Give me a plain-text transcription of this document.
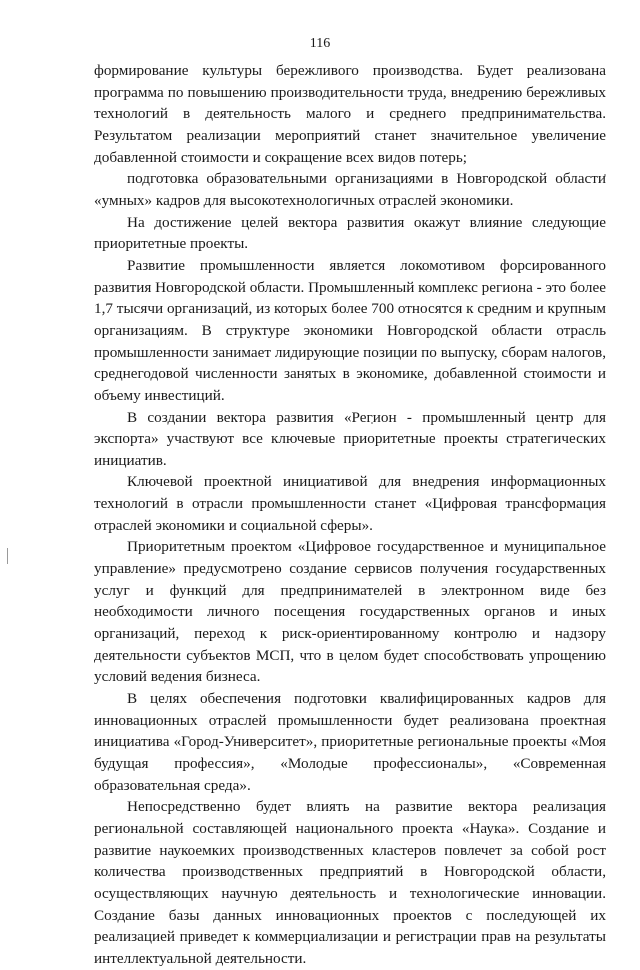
116

формирование культуры бережливого производства. Будет реализована программа по повышению производительности труда, внедрению бережливых технологий в деятельность малого и среднего предпринимательства. Результатом реализации мероприятий станет значительное увеличение добавленной стоимости и сокращение всех видов потерь;

подготовка образовательными организациями в Новгородской области «умных» кадров для высокотехнологичных отраслей экономики.

На достижение целей вектора развития окажут влияние следующие приоритетные проекты.

Развитие промышленности является локомотивом форсированного развития Новгородской области. Промышленный комплекс региона - это более 1,7 тысячи организаций, из которых более 700 относятся к средним и крупным организациям. В структуре экономики Новгородской области отрасль промышленности занимает лидирующие позиции по выпуску, сборам налогов, среднегодовой численности занятых в экономике, добавленной стоимости и объему инвестиций.

В создании вектора развития «Регион - промышленный центр для экспорта» участвуют все ключевые приоритетные проекты стратегических инициатив.

Ключевой проектной инициативой для внедрения информационных технологий в отрасли промышленности станет «Цифровая трансформация отраслей экономики и социальной сферы».

Приоритетным проектом «Цифровое государственное и муниципальное управление» предусмотрено создание сервисов получения государственных услуг и функций для предпринимателей в электронном виде без необходимости личного посещения государственных органов и иных организаций, переход к риск-ориентированному контролю и надзору деятельности субъектов МСП, что в целом будет способствовать упрощению условий ведения бизнеса.

В целях обеспечения подготовки квалифицированных кадров для инновационных отраслей промышленности будет реализована проектная инициатива «Город-Университет», приоритетные региональные проекты «Моя будущая профессия», «Молодые профессионалы», «Современная образовательная среда».

Непосредственно будет влиять на развитие вектора реализация региональной составляющей национального проекта «Наука». Создание и развитие наукоемких производственных кластеров повлечет за собой рост количества производственных предприятий в Новгородской области, осуществляющих научную деятельность и технологические инновации. Создание базы данных инновационных проектов с последующей их реализацией приведет к коммерциализации и регистрации прав на результаты интеллектуальной деятельности.
